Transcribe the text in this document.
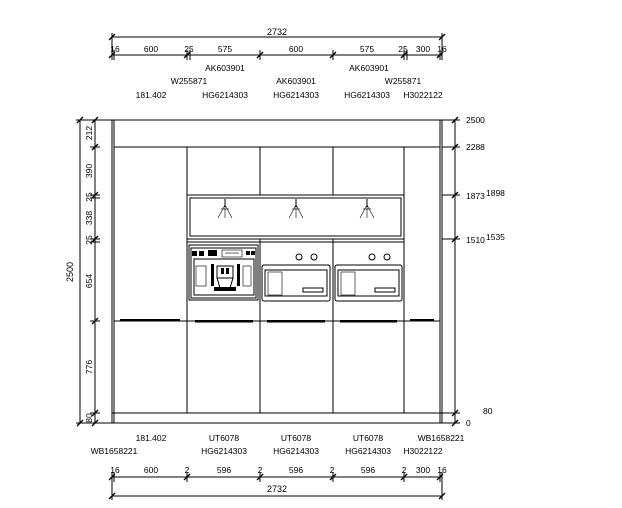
2732
16	600	25	575	600	575	25 300 16
AK603901	AK603901
W255871	AK603901	W255871
181.402	HG6214303	HG6214303	HG6214303 H3022122
2500
212
390
25
338
25
654
776
80
2500
2288
1873 1898
1510 1535
80
0
181.402	UT6078	UT6078	UT6078	WB1658221
WB1658221	HG6214303	HG6214303	HG6214303 H3022122
16	600	2	596	2	596	2	596	2 300 16
2732
